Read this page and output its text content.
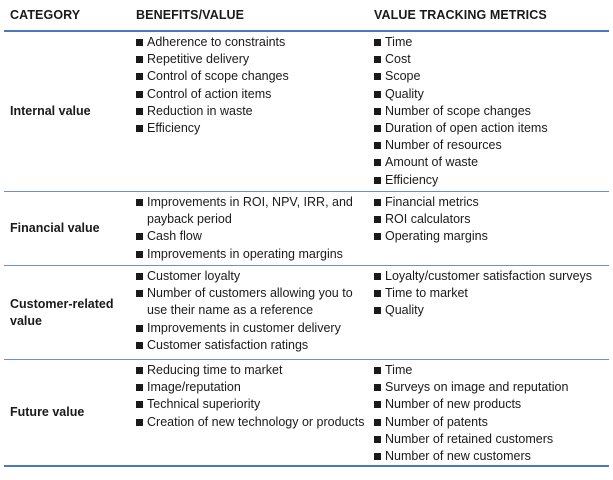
CATEGORY	BENEFITS/VALUE	VALUE TRACKING METRICS
Internal value
Adherence to constraints
Repetitive delivery
Control of scope changes
Control of action items
Reduction in waste
Efficiency
Time
Cost
Scope
Quality
Number of scope changes
Duration of open action items
Number of resources
Amount of waste
Efficiency
Financial value
Improvements in ROI, NPV, IRR, and payback period
Cash flow
Improvements in operating margins
Financial metrics
ROI calculators
Operating margins
Customer-related value
Customer loyalty
Number of customers allowing you to use their name as a reference
Improvements in customer delivery
Customer satisfaction ratings
Loyalty/customer satisfaction surveys
Time to market
Quality
Future value
Reducing time to market
Image/reputation
Technical superiority
Creation of new technology or products
Time
Surveys on image and reputation
Number of new products
Number of patents
Number of retained customers
Number of new customers
